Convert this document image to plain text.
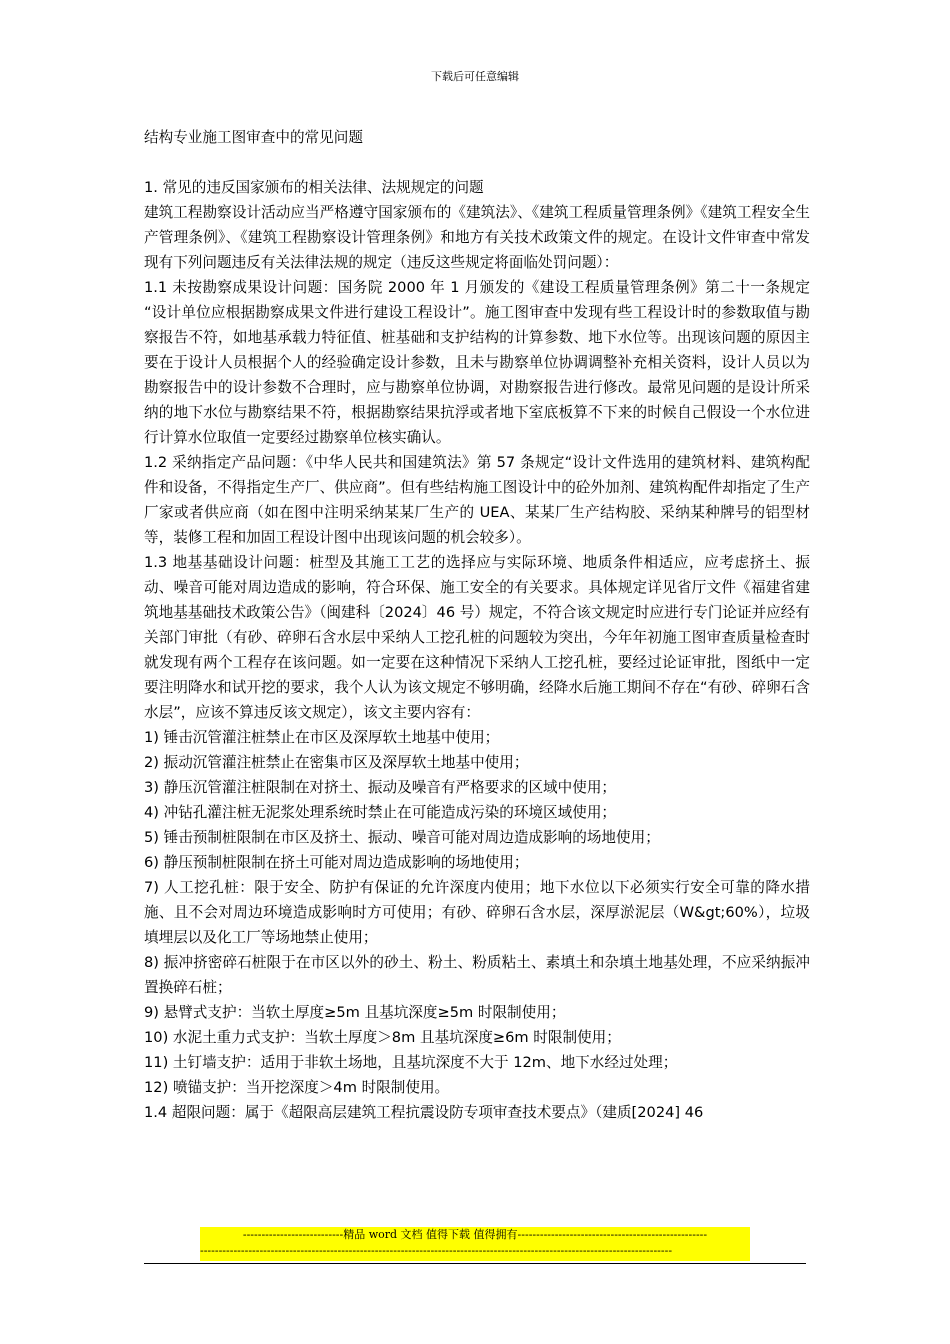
下载后可任意编辑

结构专业施工图审查中的常见问题

1. 常见的违反国家颁布的相关法律、法规规定的问题

建筑工程勘察设计活动应当严格遵守国家颁布的《建筑法》、《建筑工程质量管理条例》《建筑工程安全生产管理条例》、《建筑工程勘察设计管理条例》和地方有关技术政策文件的规定。在设计文件审查中常发现有下列问题违反有关法律法规的规定（违反这些规定将面临处罚问题）：

1.1 未按勘察成果设计问题：国务院 2000 年 1 月颁发的《建设工程质量管理条例》第二十一条规定 “设计单位应根据勘察成果文件进行建设工程设计”。施工图审查中发现有些工程设计时的参数取值与勘察报告不符，如地基承载力特征值、桩基础和支护结构的计算参数、地下水位等。出现该问题的原因主要在于设计人员根据个人的经验确定设计参数，且未与勘察单位协调调整补充相关资料，设计人员以为勘察报告中的设计参数不合理时，应与勘察单位协调，对勘察报告进行修改。最常见问题的是设计所采纳的地下水位与勘察结果不符，根据勘察结果抗浮或者地下室底板算不下来的时候自己假设一个水位进行计算水位取值一定要经过勘察单位核实确认。

1.2 采纳指定产品问题：《中华人民共和国建筑法》第 57 条规定“设计文件选用的建筑材料、建筑构配件和设备，不得指定生产厂、供应商”。但有些结构施工图设计中的砼外加剂、建筑构配件却指定了生产厂家或者供应商（如在图中注明采纳某某厂生产的 UEA、某某厂生产结构胶、采纳某种牌号的铝型材等，装修工程和加固工程设计图中出现该问题的机会较多）。

1.3 地基基础设计问题：桩型及其施工工艺的选择应与实际环境、地质条件相适应，应考虑挤土、振动、噪音可能对周边造成的影响，符合环保、施工安全的有关要求。具体规定详见省厅文件《福建省建筑地基基础技术政策公告》（闽建科〔2024〕46 号）规定，不符合该文规定时应进行专门论证并应经有关部门审批（有砂、碎卵石含水层中采纳人工挖孔桩的问题较为突出，今年年初施工图审查质量检查时就发现有两个工程存在该问题。如一定要在这种情况下采纳人工挖孔桩，要经过论证审批，图纸中一定要注明降水和试开挖的要求，我个人认为该文规定不够明确，经降水后施工期间不存在“有砂、碎卵石含水层”，应该不算违反该文规定），该文主要内容有：

1) 锤击沉管灌注桩禁止在市区及深厚软土地基中使用；

2) 振动沉管灌注桩禁止在密集市区及深厚软土地基中使用；

3) 静压沉管灌注桩限制在对挤土、振动及噪音有严格要求的区域中使用；

4) 冲钻孔灌注桩无泥浆处理系统时禁止在可能造成污染的环境区域使用；

5) 锤击预制桩限制在市区及挤土、振动、噪音可能对周边造成影响的场地使用；

6) 静压预制桩限制在挤土可能对周边造成影响的场地使用；

7) 人工挖孔桩：限于安全、防护有保证的允许深度内使用；地下水位以下必须实行安全可靠的降水措施、且不会对周边环境造成影响时方可使用；有砂、碎卵石含水层，深厚淤泥层（W&gt;60%），垃圾填埋层以及化工厂等场地禁止使用；

8) 振冲挤密碎石桩限于在市区以外的砂土、粉土、粉质粘土、素填土和杂填土地基处理，不应采纳振冲置换碎石桩；

9) 悬臂式支护：当软土厚度≥5m 且基坑深度≥5m 时限制使用；

10) 水泥土重力式支护：当软土厚度＞8m 且基坑深度≥6m 时限制使用；

11) 土钉墙支护：适用于非软土场地，且基坑深度不大于 12m、地下水经过处理；

12) 喷锚支护：当开挖深度＞4m 时限制使用。

1.4 超限问题：属于《超限高层建筑工程抗震设防专项审查技术要点》（建质[2024] 46

---------------------------精品 word 文档 值得下载 值得拥有---------------------------------------------------
-------------------------------------------------------------------------------------------------------------------------------
